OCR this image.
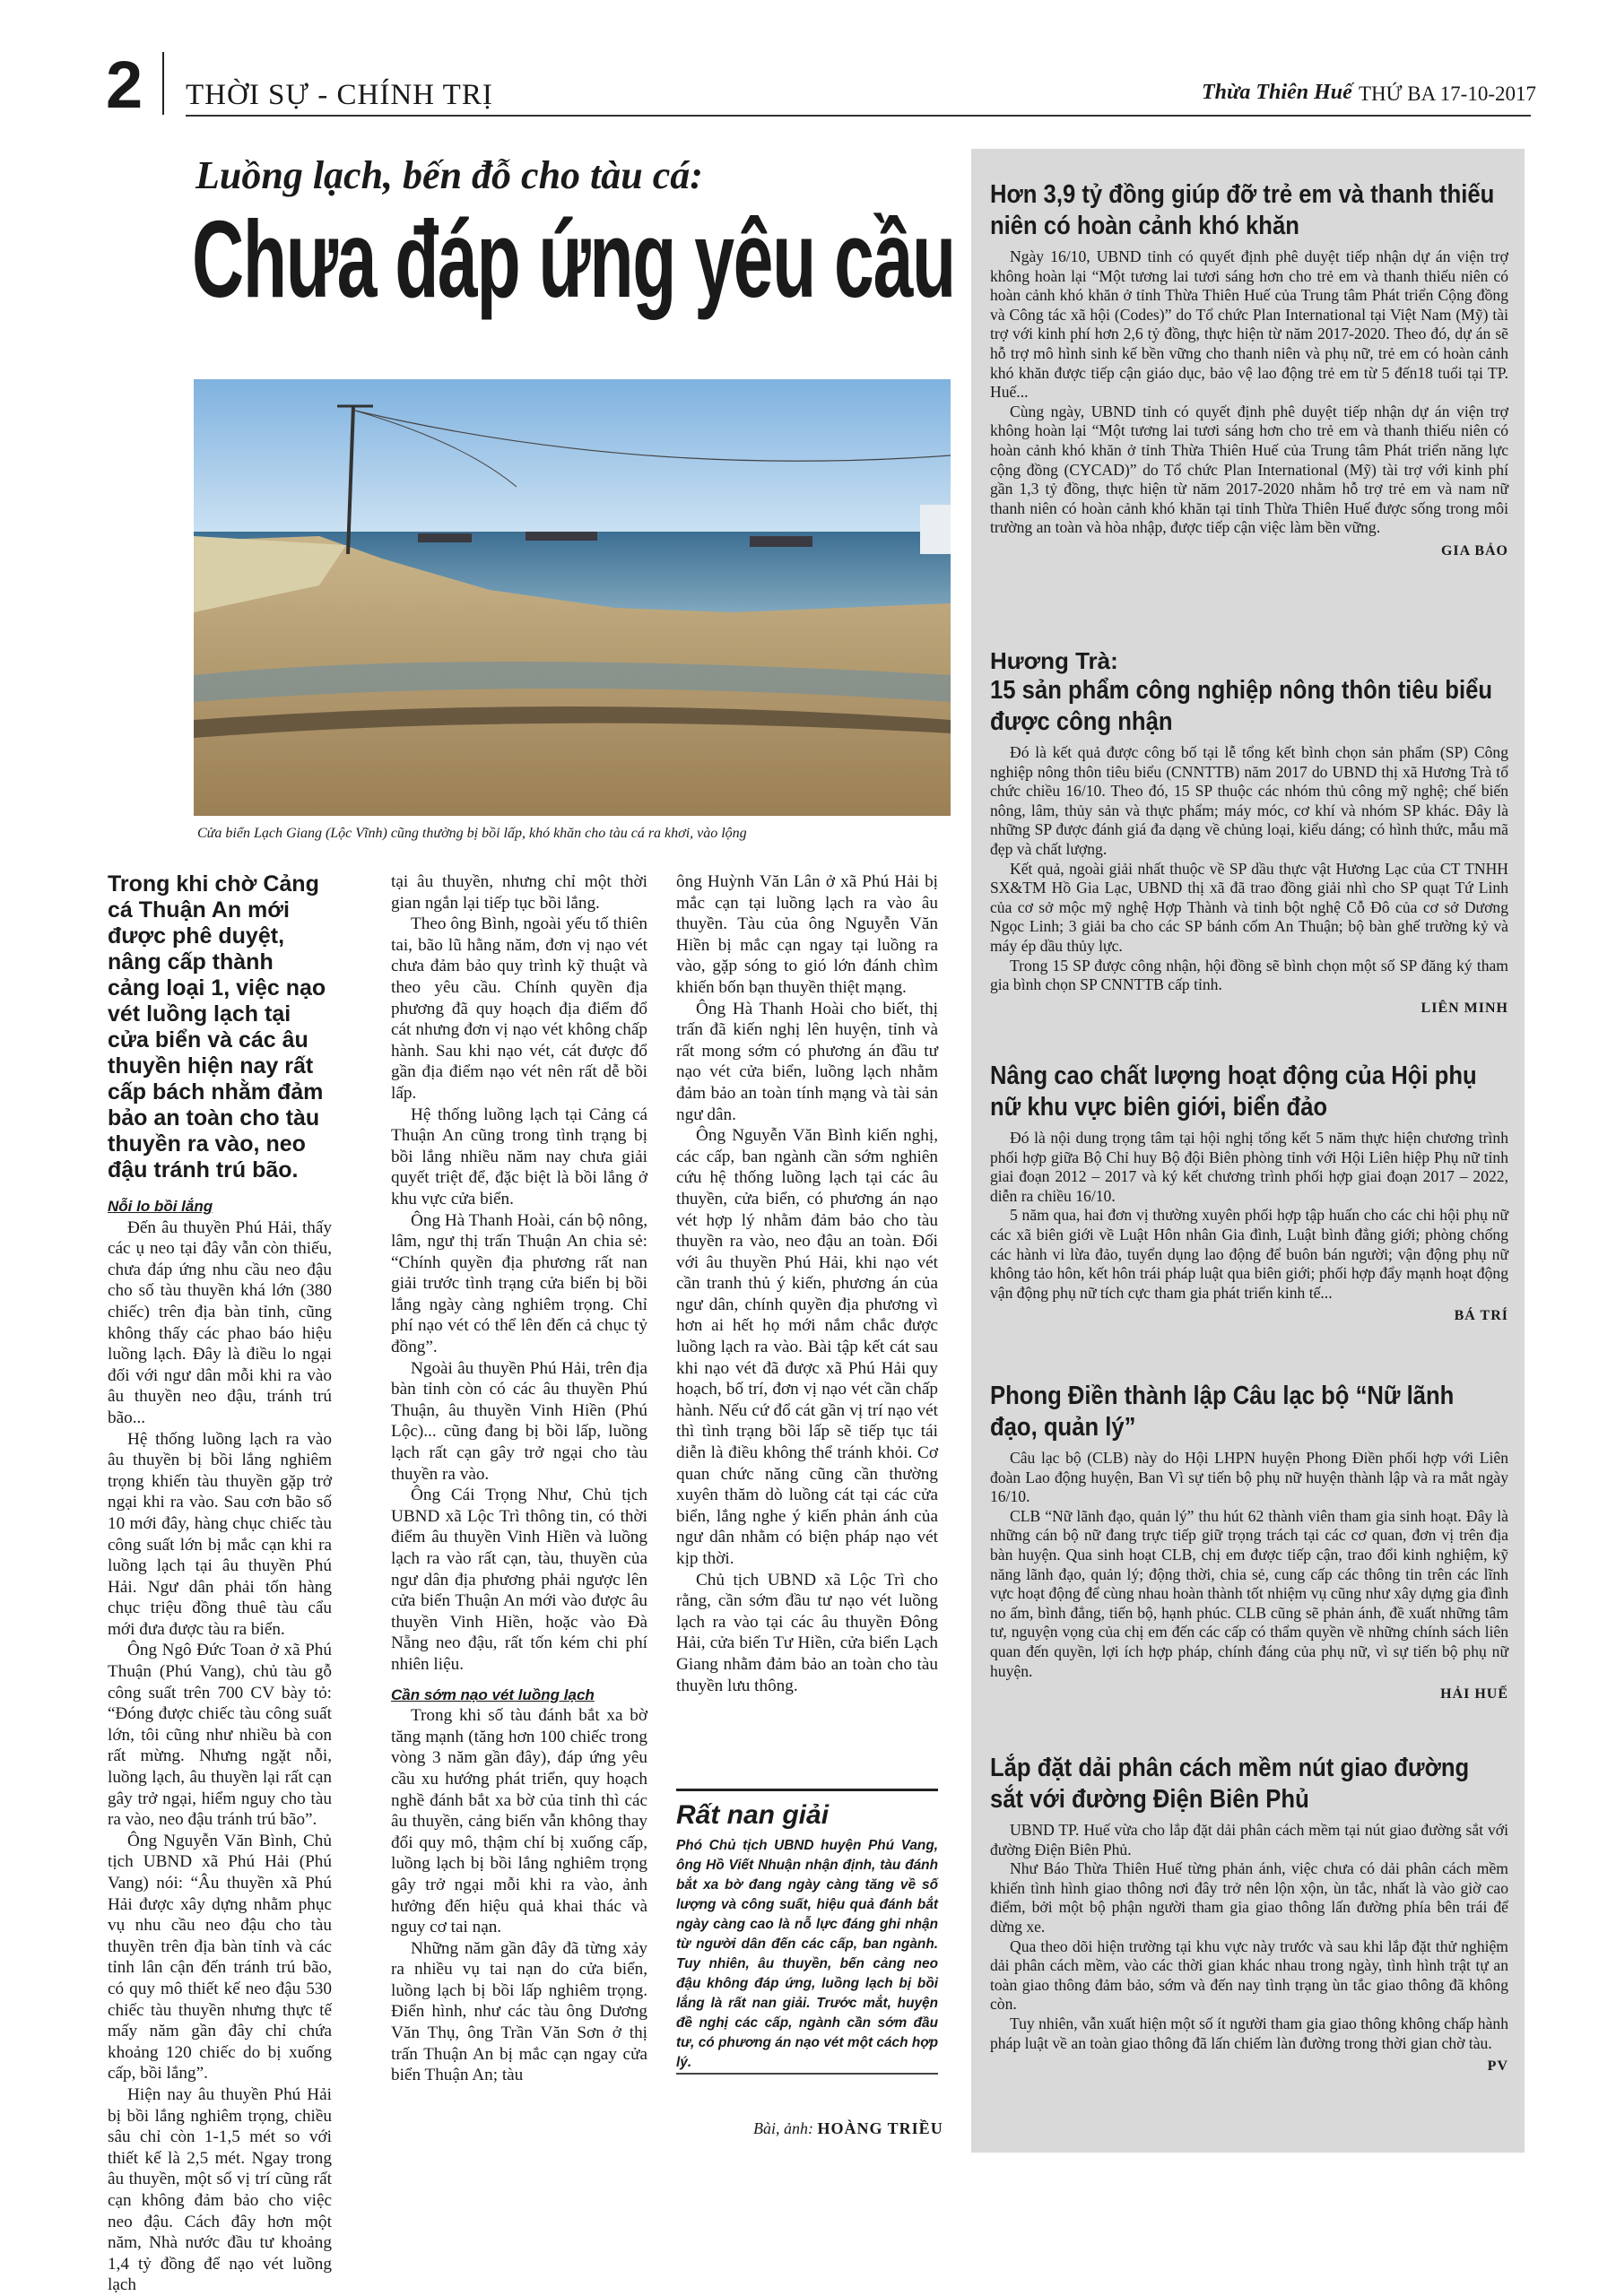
2 THỜI SỰ - CHÍNH TRỊ	Thừa Thiên Huế THỨ BA 17-10-2017
Luồng lạch, bến đỗ cho tàu cá:
Chưa đáp ứng yêu cầu
Cửa biển Lạch Giang (Lộc Vĩnh) cũng thường bị bồi lấp, khó khăn cho tàu cá ra khơi, vào lộng
Trong khi chờ Cảng cá Thuận An mới được phê duyệt, nâng cấp thành cảng loại 1, việc nạo vét luồng lạch tại cửa biển và các âu thuyền hiện nay rất cấp bách nhằm đảm bảo an toàn cho tàu thuyền ra vào, neo đậu tránh trú bão.

Nỗi lo bồi lắng

Đến âu thuyền Phú Hải, thấy các ụ neo tại đây vẫn còn thiếu, chưa đáp ứng nhu cầu neo đậu cho số tàu thuyền khá lớn (380 chiếc) trên địa bàn tỉnh, cũng không thấy các phao báo hiệu luồng lạch. Đây là điều lo ngại đối với ngư dân mỗi khi ra vào âu thuyền neo đậu, tránh trú bão...

Hệ thống luồng lạch ra vào âu thuyền bị bồi lắng nghiêm trọng khiến tàu thuyền gặp trở ngại khi ra vào. Sau cơn bão số 10 mới đây, hàng chục chiếc tàu công suất lớn bị mắc cạn khi ra luồng lạch tại âu thuyền Phú Hải. Ngư dân phải tốn hàng chục triệu đồng thuê tàu cẩu mới đưa được tàu ra biển.

Ông Ngô Đức Toan ở xã Phú Thuận (Phú Vang), chủ tàu gỗ công suất trên 700 CV bày tỏ: “Đóng được chiếc tàu công suất lớn, tôi cũng như nhiều bà con rất mừng. Nhưng ngặt nỗi, luồng lạch, âu thuyền lại rất cạn gây trở ngại, hiểm nguy cho tàu ra vào, neo đậu tránh trú bão”.

Ông Nguyễn Văn Bình, Chủ tịch UBND xã Phú Hải (Phú Vang) nói: “Âu thuyền xã Phú Hải được xây dựng nhằm phục vụ nhu cầu neo đậu cho tàu thuyền trên địa bàn tỉnh và các tỉnh lân cận đến tránh trú bão, có quy mô thiết kế neo đậu 530 chiếc tàu thuyền nhưng thực tế mấy năm gần đây chỉ chứa khoảng 120 chiếc do bị xuống cấp, bồi lắng”.

Hiện nay âu thuyền Phú Hải bị bồi lắng nghiêm trọng, chiều sâu chỉ còn 1-1,5 mét so với thiết kế là 2,5 mét. Ngay trong âu thuyền, một số vị trí cũng rất cạn không đảm bảo cho việc neo đậu. Cách đây hơn một năm, Nhà nước đầu tư khoảng 1,4 tỷ đồng để nạo vét luồng lạch

tại âu thuyền, nhưng chỉ một thời gian ngắn lại tiếp tục bồi lắng.

Theo ông Bình, ngoài yếu tố thiên tai, bão lũ hằng năm, đơn vị nạo vét chưa đảm bảo quy trình kỹ thuật và theo yêu cầu. Chính quyền địa phương đã quy hoạch địa điểm đổ cát nhưng đơn vị nạo vét không chấp hành. Sau khi nạo vét, cát được đổ gần địa điểm nạo vét nên rất dễ bồi lấp.

Hệ thống luồng lạch tại Cảng cá Thuận An cũng trong tình trạng bị bồi lắng nhiều năm nay chưa giải quyết triệt để, đặc biệt là bồi lắng ở khu vực cửa biển.

Ông Hà Thanh Hoài, cán bộ nông, lâm, ngư thị trấn Thuận An chia sẻ: “Chính quyền địa phương rất nan giải trước tình trạng cửa biển bị bồi lắng ngày càng nghiêm trọng. Chỉ phí nạo vét có thể lên đến cả chục tỷ đồng”.

Ngoài âu thuyền Phú Hải, trên địa bàn tỉnh còn có các âu thuyền Phú Thuận, âu thuyền Vinh Hiền (Phú Lộc)... cũng đang bị bồi lấp, luồng lạch rất cạn gây trở ngại cho tàu thuyền ra vào.

Ông Cái Trọng Như, Chủ tịch UBND xã Lộc Trì thông tin, có thời điểm âu thuyền Vinh Hiền và luồng lạch ra vào rất cạn, tàu, thuyền của ngư dân địa phương phải ngược lên cửa biển Thuận An mới vào được âu thuyền Vinh Hiền, hoặc vào Đà Nẵng neo đậu, rất tốn kém chi phí nhiên liệu.

Cần sớm nạo vét luồng lạch

Trong khi số tàu đánh bắt xa bờ tăng mạnh (tăng hơn 100 chiếc trong vòng 3 năm gần đây), đáp ứng yêu cầu xu hướng phát triển, quy hoạch nghề đánh bắt xa bờ của tỉnh thì các âu thuyền, cảng biển vẫn không thay đổi quy mô, thậm chí bị xuống cấp, luồng lạch bị bồi lắng nghiêm trọng gây trở ngại mỗi khi ra vào, ảnh hưởng đến hiệu quả khai thác và nguy cơ tai nạn.

Những năm gần đây đã từng xảy ra nhiều vụ tai nạn do cửa biển, luồng lạch bị bồi lấp nghiêm trọng. Điển hình, như các tàu ông Dương Văn Thụ, ông Trần Văn Sơn ở thị trấn Thuận An bị mắc cạn ngay cửa biển Thuận An; tàu

ông Huỳnh Văn Lân ở xã Phú Hải bị mắc cạn tại luồng lạch ra vào âu thuyền. Tàu của ông Nguyễn Văn Hiền bị mắc cạn ngay tại luồng ra vào, gặp sóng to gió lớn đánh chìm khiến bốn bạn thuyền thiệt mạng.

Ông Hà Thanh Hoài cho biết, thị trấn đã kiến nghị lên huyện, tỉnh và rất mong sớm có phương án đầu tư nạo vét cửa biển, luồng lạch nhằm đảm bảo an toàn tính mạng và tài sản ngư dân.

Ông Nguyễn Văn Bình kiến nghị, các cấp, ban ngành cần sớm nghiên cứu hệ thống luồng lạch tại các âu thuyền, cửa biển, có phương án nạo vét hợp lý nhằm đảm bảo cho tàu thuyền ra vào, neo đậu an toàn. Đối với âu thuyền Phú Hải, khi nạo vét cần tranh thủ ý kiến, phương án của ngư dân, chính quyền địa phương vì hơn ai hết họ mới nắm chắc được luồng lạch ra vào. Bài tập kết cát sau khi nạo vét đã được xã Phú Hải quy hoạch, bố trí, đơn vị nạo vét cần chấp hành. Nếu cứ đổ cát gần vị trí nạo vét thì tình trạng bồi lấp sẽ tiếp tục tái diễn là điều không thể tránh khỏi. Cơ quan chức năng cũng cần thường xuyên thăm dò luồng cát tại các cửa biển, lắng nghe ý kiến phản ánh của ngư dân nhằm có biện pháp nạo vét kịp thời.

Chủ tịch UBND xã Lộc Trì cho rằng, cần sớm đầu tư nạo vét luồng lạch ra vào tại các âu thuyền Đông Hải, cửa biển Tư Hiền, cửa biển Lạch Giang nhằm đảm bảo an toàn cho tàu thuyền lưu thông.

Rất nan giải

Phó Chủ tịch UBND huyện Phú Vang, ông Hồ Viết Nhuận nhận định, tàu đánh bắt xa bờ đang ngày càng tăng về số lượng và công suất, hiệu quả đánh bắt ngày càng cao là nỗ lực đáng ghi nhận từ người dân đến các cấp, ban ngành. Tuy nhiên, âu thuyền, bến cảng neo đậu không đáp ứng, luồng lạch bị bồi lắng là rất nan giải. Trước mắt, huyện đề nghị các cấp, ngành cần sớm đầu tư, có phương án nạo vét một cách hợp lý.

Bài, ảnh: HOÀNG TRIỀU
Hơn 3,9 tỷ đồng giúp đỡ trẻ em và thanh thiếu niên có hoàn cảnh khó khăn

Ngày 16/10, UBND tỉnh có quyết định phê duyệt tiếp nhận dự án viện trợ không hoàn lại “Một tương lai tươi sáng hơn cho trẻ em và thanh thiếu niên có hoàn cảnh khó khăn ở tỉnh Thừa Thiên Huế của Trung tâm Phát triển Cộng đồng và Công tác xã hội (Codes)” do Tổ chức Plan International tại Việt Nam (Mỹ) tài trợ với kinh phí hơn 2,6 tỷ đồng, thực hiện từ năm 2017-2020. Theo đó, dự án sẽ hỗ trợ mô hình sinh kế bền vững cho thanh niên và phụ nữ, trẻ em có hoàn cảnh khó khăn được tiếp cận giáo dục, bảo vệ lao động trẻ em từ 5 đến18 tuổi tại TP. Huế...

Cùng ngày, UBND tỉnh có quyết định phê duyệt tiếp nhận dự án viện trợ không hoàn lại “Một tương lai tươi sáng hơn cho trẻ em và thanh thiếu niên có hoàn cảnh khó khăn ở tỉnh Thừa Thiên Huế của Trung tâm Phát triển năng lực cộng đồng (CYCAD)” do Tổ chức Plan International (Mỹ) tài trợ với kinh phí gần 1,3 tỷ đồng, thực hiện từ năm 2017-2020 nhằm hỗ trợ trẻ em và nam nữ thanh niên có hoàn cảnh khó khăn tại tỉnh Thừa Thiên Huế được sống trong môi trường an toàn và hòa nhập, được tiếp cận việc làm bền vững.

GIA BẢO
Hương Trà:
15 sản phẩm công nghiệp nông thôn tiêu biểu được công nhận

Đó là kết quả được công bố tại lễ tổng kết bình chọn sản phẩm (SP) Công nghiệp nông thôn tiêu biểu (CNNTTB) năm 2017 do UBND thị xã Hương Trà tổ chức chiều 16/10. Theo đó, 15 SP thuộc các nhóm thủ công mỹ nghệ; chế biến nông, lâm, thủy sản và thực phẩm; máy móc, cơ khí và nhóm SP khác. Đây là những SP được đánh giá đa dạng về chủng loại, kiểu dáng; có hình thức, mẫu mã đẹp và chất lượng.

Kết quả, ngoài giải nhất thuộc về SP dầu thực vật Hương Lạc của CT TNHH SX&TM Hồ Gia Lạc, UBND thị xã đã trao đồng giải nhì cho SP quạt Tứ Linh của cơ sở mộc mỹ nghệ Hợp Thành và tinh bột nghệ Cỗ Đô của cơ sở Dương Ngọc Linh; 3 giải ba cho các SP bánh cốm An Thuận; bộ bàn ghế trường kỷ và máy ép dầu thủy lực.

Trong 15 SP được công nhận, hội đồng sẽ bình chọn một số SP đăng ký tham gia bình chọn SP CNNTTB cấp tỉnh.

LIÊN MINH
Nâng cao chất lượng hoạt động của Hội phụ nữ khu vực biên giới, biển đảo

Đó là nội dung trọng tâm tại hội nghị tổng kết 5 năm thực hiện chương trình phối hợp giữa Bộ Chỉ huy Bộ đội Biên phòng tỉnh với Hội Liên hiệp Phụ nữ tỉnh giai đoạn 2012 – 2017 và ký kết chương trình phối hợp giai đoạn 2017 – 2022, diễn ra chiều 16/10.

5 năm qua, hai đơn vị thường xuyên phối hợp tập huấn cho các chi hội phụ nữ các xã biên giới về Luật Hôn nhân Gia đình, Luật bình đẳng giới; phòng chống các hành vi lừa đảo, tuyển dụng lao động để buôn bán người; vận động phụ nữ không tảo hôn, kết hôn trái pháp luật qua biên giới; phối hợp đẩy mạnh hoạt động vận động phụ nữ tích cực tham gia phát triển kinh tế...

BÁ TRÍ
Phong Điền thành lập Câu lạc bộ “Nữ lãnh đạo, quản lý”

Câu lạc bộ (CLB) này do Hội LHPN huyện Phong Điền phối hợp với Liên đoàn Lao động huyện, Ban Vì sự tiến bộ phụ nữ huyện thành lập và ra mắt ngày 16/10.

CLB “Nữ lãnh đạo, quản lý” thu hút 62 thành viên tham gia sinh hoạt. Đây là những cán bộ nữ đang trực tiếp giữ trọng trách tại các cơ quan, đơn vị trên địa bàn huyện. Qua sinh hoạt CLB, chị em được tiếp cận, trao đổi kinh nghiệm, kỹ năng lãnh đạo, quản lý; động thời, chia sẻ, cung cấp các thông tin trên các lĩnh vực hoạt động để cùng nhau hoàn thành tốt nhiệm vụ cũng như xây dựng gia đình no ấm, bình đẳng, tiến bộ, hạnh phúc. CLB cũng sẽ phản ánh, đề xuất những tâm tư, nguyện vọng của chị em đến các cấp có thẩm quyền về những chính sách liên quan đến quyền, lợi ích hợp pháp, chính đáng của phụ nữ, vì sự tiến bộ phụ nữ huyện.

HẢI HUẾ
Lắp đặt dải phân cách mềm nút giao đường sắt với đường Điện Biên Phủ

UBND TP. Huế vừa cho lắp đặt dải phân cách mềm tại nút giao đường sắt với đường Điện Biên Phủ.

Như Báo Thừa Thiên Huế từng phản ánh, việc chưa có dải phân cách mềm khiến tình hình giao thông nơi đây trở nên lộn xộn, ùn tắc, nhất là vào giờ cao điểm, bởi một bộ phận người tham gia giao thông lấn đường phía bên trái để dừng xe.

Qua theo dõi hiện trường tại khu vực này trước và sau khi lắp đặt thử nghiệm dải phân cách mềm, vào các thời gian khác nhau trong ngày, tình hình trật tự an toàn giao thông đảm bảo, sớm và đến nay tình trạng ùn tắc giao thông đã không còn.

Tuy nhiên, vẫn xuất hiện một số ít người tham gia giao thông không chấp hành pháp luật về an toàn giao thông đã lấn chiếm làn đường trong thời gian chờ tàu.

PV
